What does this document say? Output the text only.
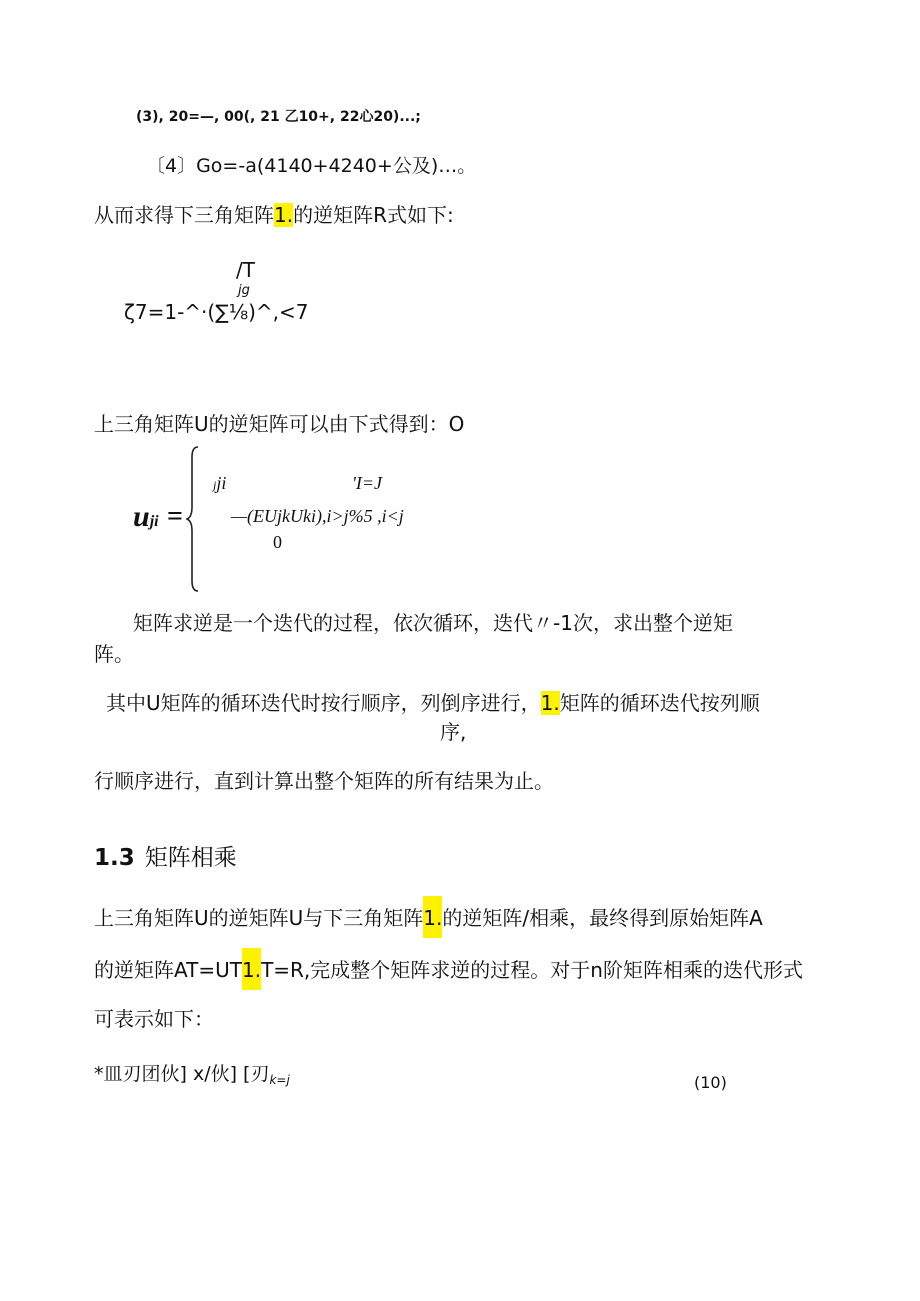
(3), 20=—, 00(, 21 乙10+, 22心20)...;
〔4〕Go=-a(4140+4240+公及)…。
从而求得下三角矩阵1.的逆矩阵R式如下:
/T
jg
ζ7=1-^·(∑⅛)^,<7
上三角矩阵U的逆矩阵可以由下式得到：O
uji =
jji	'I=J
—(EUjkUki),i>j%5 ,i<j
0
矩阵求逆是一个迭代的过程，依次循环，迭代〃-1次，求出整个逆矩
阵。
其中U矩阵的循环迭代时按行顺序，列倒序进行，1.矩阵的循环迭代按列顺
序,
行顺序进行，直到计算出整个矩阵的所有结果为止。
1.3 矩阵相乘
上三角矩阵U的逆矩阵U与下三角矩阵1.的逆矩阵/相乘，最终得到原始矩阵A
的逆矩阵AT=UT1.T=R,完成整个矩阵求逆的过程。对于n阶矩阵相乘的迭代形式
可表示如下：
*皿刃团伙] x∕伙] [刃$_{k=j}$	(10)
